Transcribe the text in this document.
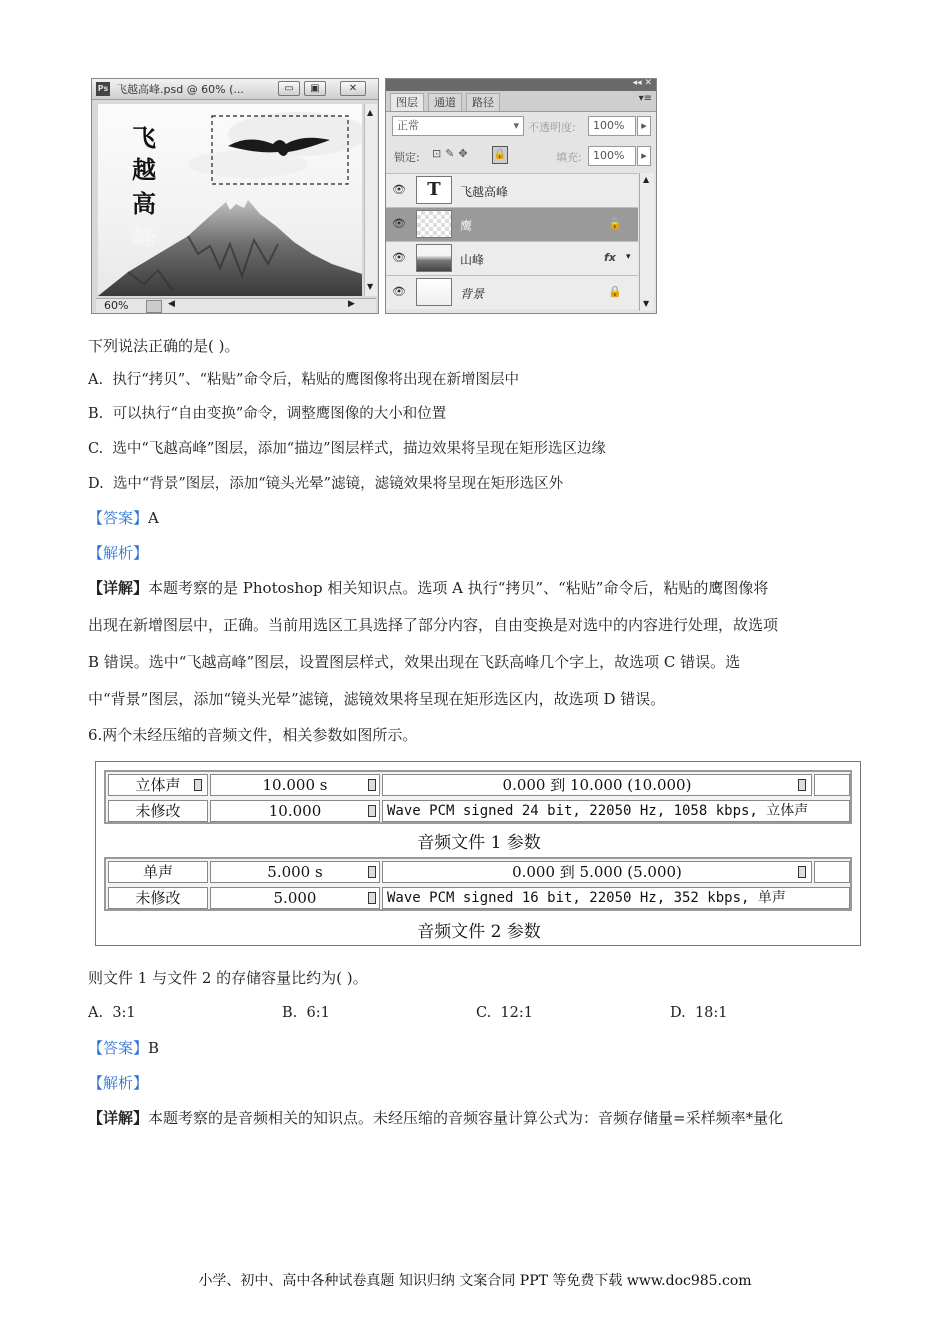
Ps 飞越高峰.psd @ 60% (...	▭	▣	✕
飞
越
高
峰
▲
▼
60%	◀	▶
◂◂ ✕
图层	通道	路径	▾≡
正常	▾ 不透明度:	100%	▸
锁定: ⊡✎✥ 🔒	填充:	100%	▸
👁	T	飞越高峰
👁	鹰	🔒
👁	山峰	fx ▾
👁	背景	🔒
▲
▼
下列说法正确的是( )。
A. 执行“拷贝”、“粘贴”命令后，粘贴的鹰图像将出现在新增图层中
B. 可以执行“自由变换”命令，调整鹰图像的大小和位置
C. 选中“飞越高峰”图层，添加“描边”图层样式，描边效果将呈现在矩形选区边缘
D. 选中“背景”图层，添加“镜头光晕”滤镜，滤镜效果将呈现在矩形选区外
【答案】A
【解析】
【详解】本题考察的是 Photoshop 相关知识点。选项 A 执行“拷贝”、“粘贴”命令后，粘贴的鹰图像将
出现在新增图层中，正确。当前用选区工具选择了部分内容，自由变换是对选中的内容进行处理，故选项
B 错误。选中“飞越高峰”图层，设置图层样式，效果出现在飞跃高峰几个字上，故选项 C 错误。选
中“背景”图层，添加“镜头光晕”滤镜，滤镜效果将呈现在矩形选区内，故选项 D 错误。
6.两个未经压缩的音频文件，相关参数如图所示。
立体声	10.000 s	0.000 到 10.000 (10.000)
未修改	10.000	Wave PCM signed 24 bit, 22050 Hz, 1058 kbps, 立体声
音频文件 1 参数
单声	5.000 s	0.000 到 5.000 (5.000)
未修改	5.000	Wave PCM signed 16 bit, 22050 Hz, 352 kbps, 单声
音频文件 2 参数
则文件 1 与文件 2 的存储容量比约为( )。
A. 3:1	B. 6:1	C. 12:1	D. 18:1
【答案】B
【解析】
【详解】本题考察的是音频相关的知识点。未经压缩的音频容量计算公式为：音频存储量=采样频率*量化
小学、初中、高中各种试卷真题 知识归纳 文案合同 PPT 等免费下载 www.doc985.com
